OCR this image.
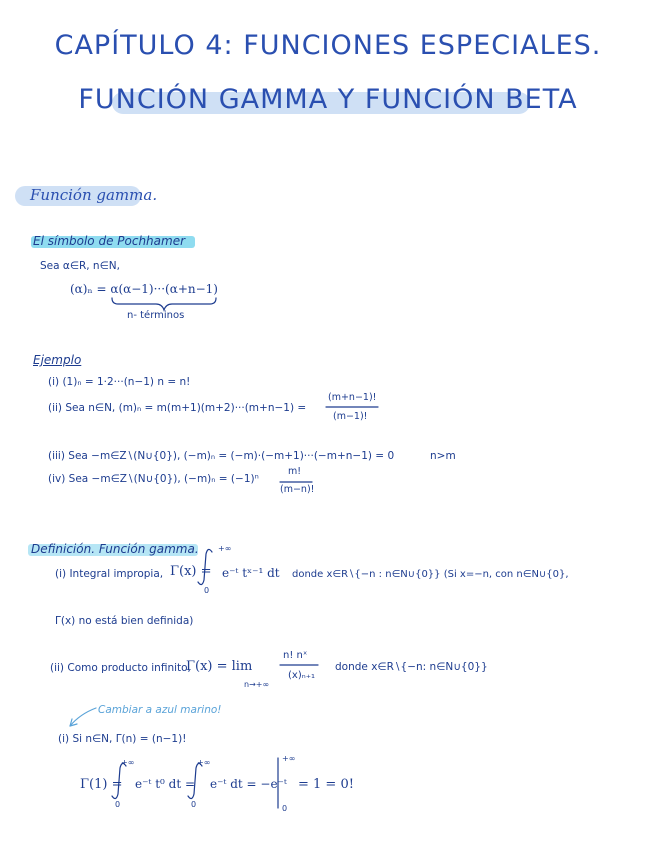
CAPÍTULO 4: FUNCIONES ESPECIALES.
FUNCIÓN GAMMA Y FUNCIÓN BETA
Función gamma.
El símbolo de Pochhamer
Sea α∈R, n∈N,
(α)ₙ = α(α−1)···(α+n−1)
n- términos
Ejemplo
(i) (1)ₙ = 1·2···(n−1) n = n!
(ii) Sea n∈N, (m)ₙ = m(m+1)(m+2)···(m+n−1) =
(m+n−1)!
(m−1)!
(iii) Sea −m∈Z∖(N∪{0}), (−m)ₙ = (−m)·(−m+1)···(−m+n−1) = 0	n>m
(iv) Sea −m∈Z∖(N∪{0}), (−m)ₙ = (−1)ⁿ
m!
(m−n)!
Definición. Función gamma.
(i) Integral impropia, Γ(x) =
+∞
0
e⁻ᵗ tˣ⁻¹ dt donde x∈R∖{−n : n∈N∪{0}} (Si x=−n, con n∈N∪{0},
Γ(x) no está bien definida)
(ii) Como producto infinito,
Γ(x) = lim
n→+∞
n! nˣ
(x)ₙ₊₁
donde x∈R∖{−n: n∈N∪{0}}
Cambiar a azul marino!
(i) Si n∈N, Γ(n) = (n−1)!
Γ(1) =
+∞
0
e⁻ᵗ t⁰ dt =
+∞
0
e⁻ᵗ dt = −e⁻ᵗ
+∞
0
= 1 = 0!
